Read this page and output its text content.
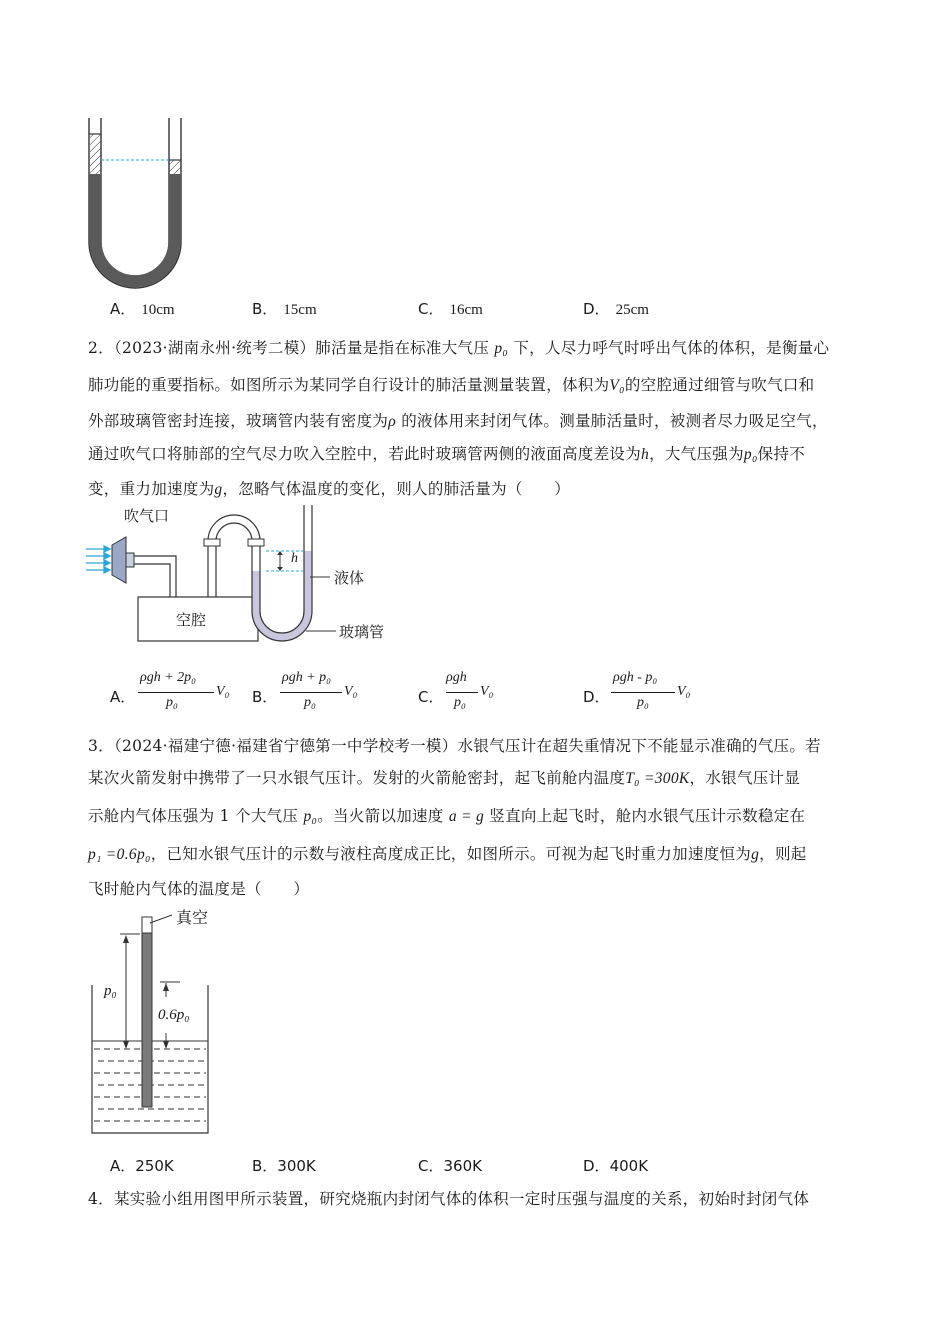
A． 10cm	B． 15cm	C． 16cm	D． 25cm
2．（2023·湖南永州·统考二模）肺活量是指在标准大气压 p₀ 下，人尽力呼气时呼出气体的体积，是衡量心
肺功能的重要指标。如图所示为某同学自行设计的肺活量测量装置，体积为V₀的空腔通过细管与吹气口和
外部玻璃管密封连接，玻璃管内装有密度为ρ 的液体用来封闭气体。测量肺活量时，被测者尽力吸足空气，
通过吹气口将肺部的空气尽力吹入空腔中，若此时玻璃管两侧的液面高度差设为h，大气压强为p₀保持不
变，重力加速度为g，忽略气体温度的变化，则人的肺活量为（　　）
吹气口
空腔
h
液体
玻璃管
A．
ρgh + 2p₀
p₀
V₀ B．
ρgh + p₀
p₀
V₀	C．
ρgh
p₀
V₀	D．
ρgh - p₀
p₀
V₀
3．（2024·福建宁德·福建省宁德第一中学校考一模）水银气压计在超失重情况下不能显示准确的气压。若
某次火箭发射中携带了一只水银气压计。发射的火箭舱密封，起飞前舱内温度T₀ =300K，水银气压计显
示舱内气体压强为 1 个大气压 p₀。当火箭以加速度 a = g 竖直向上起飞时，舱内水银气压计示数稳定在
p₁ =0.6p₀，已知水银气压计的示数与液柱高度成正比，如图所示。可视为起飞时重力加速度恒为g，则起
飞时舱内气体的温度是（　　）
真空
p₀
0.6p₀
A．250K	B．300K	C．360K	D．400K
4．某实验小组用图甲所示装置，研究烧瓶内封闭气体的体积一定时压强与温度的关系，初始时封闭气体
